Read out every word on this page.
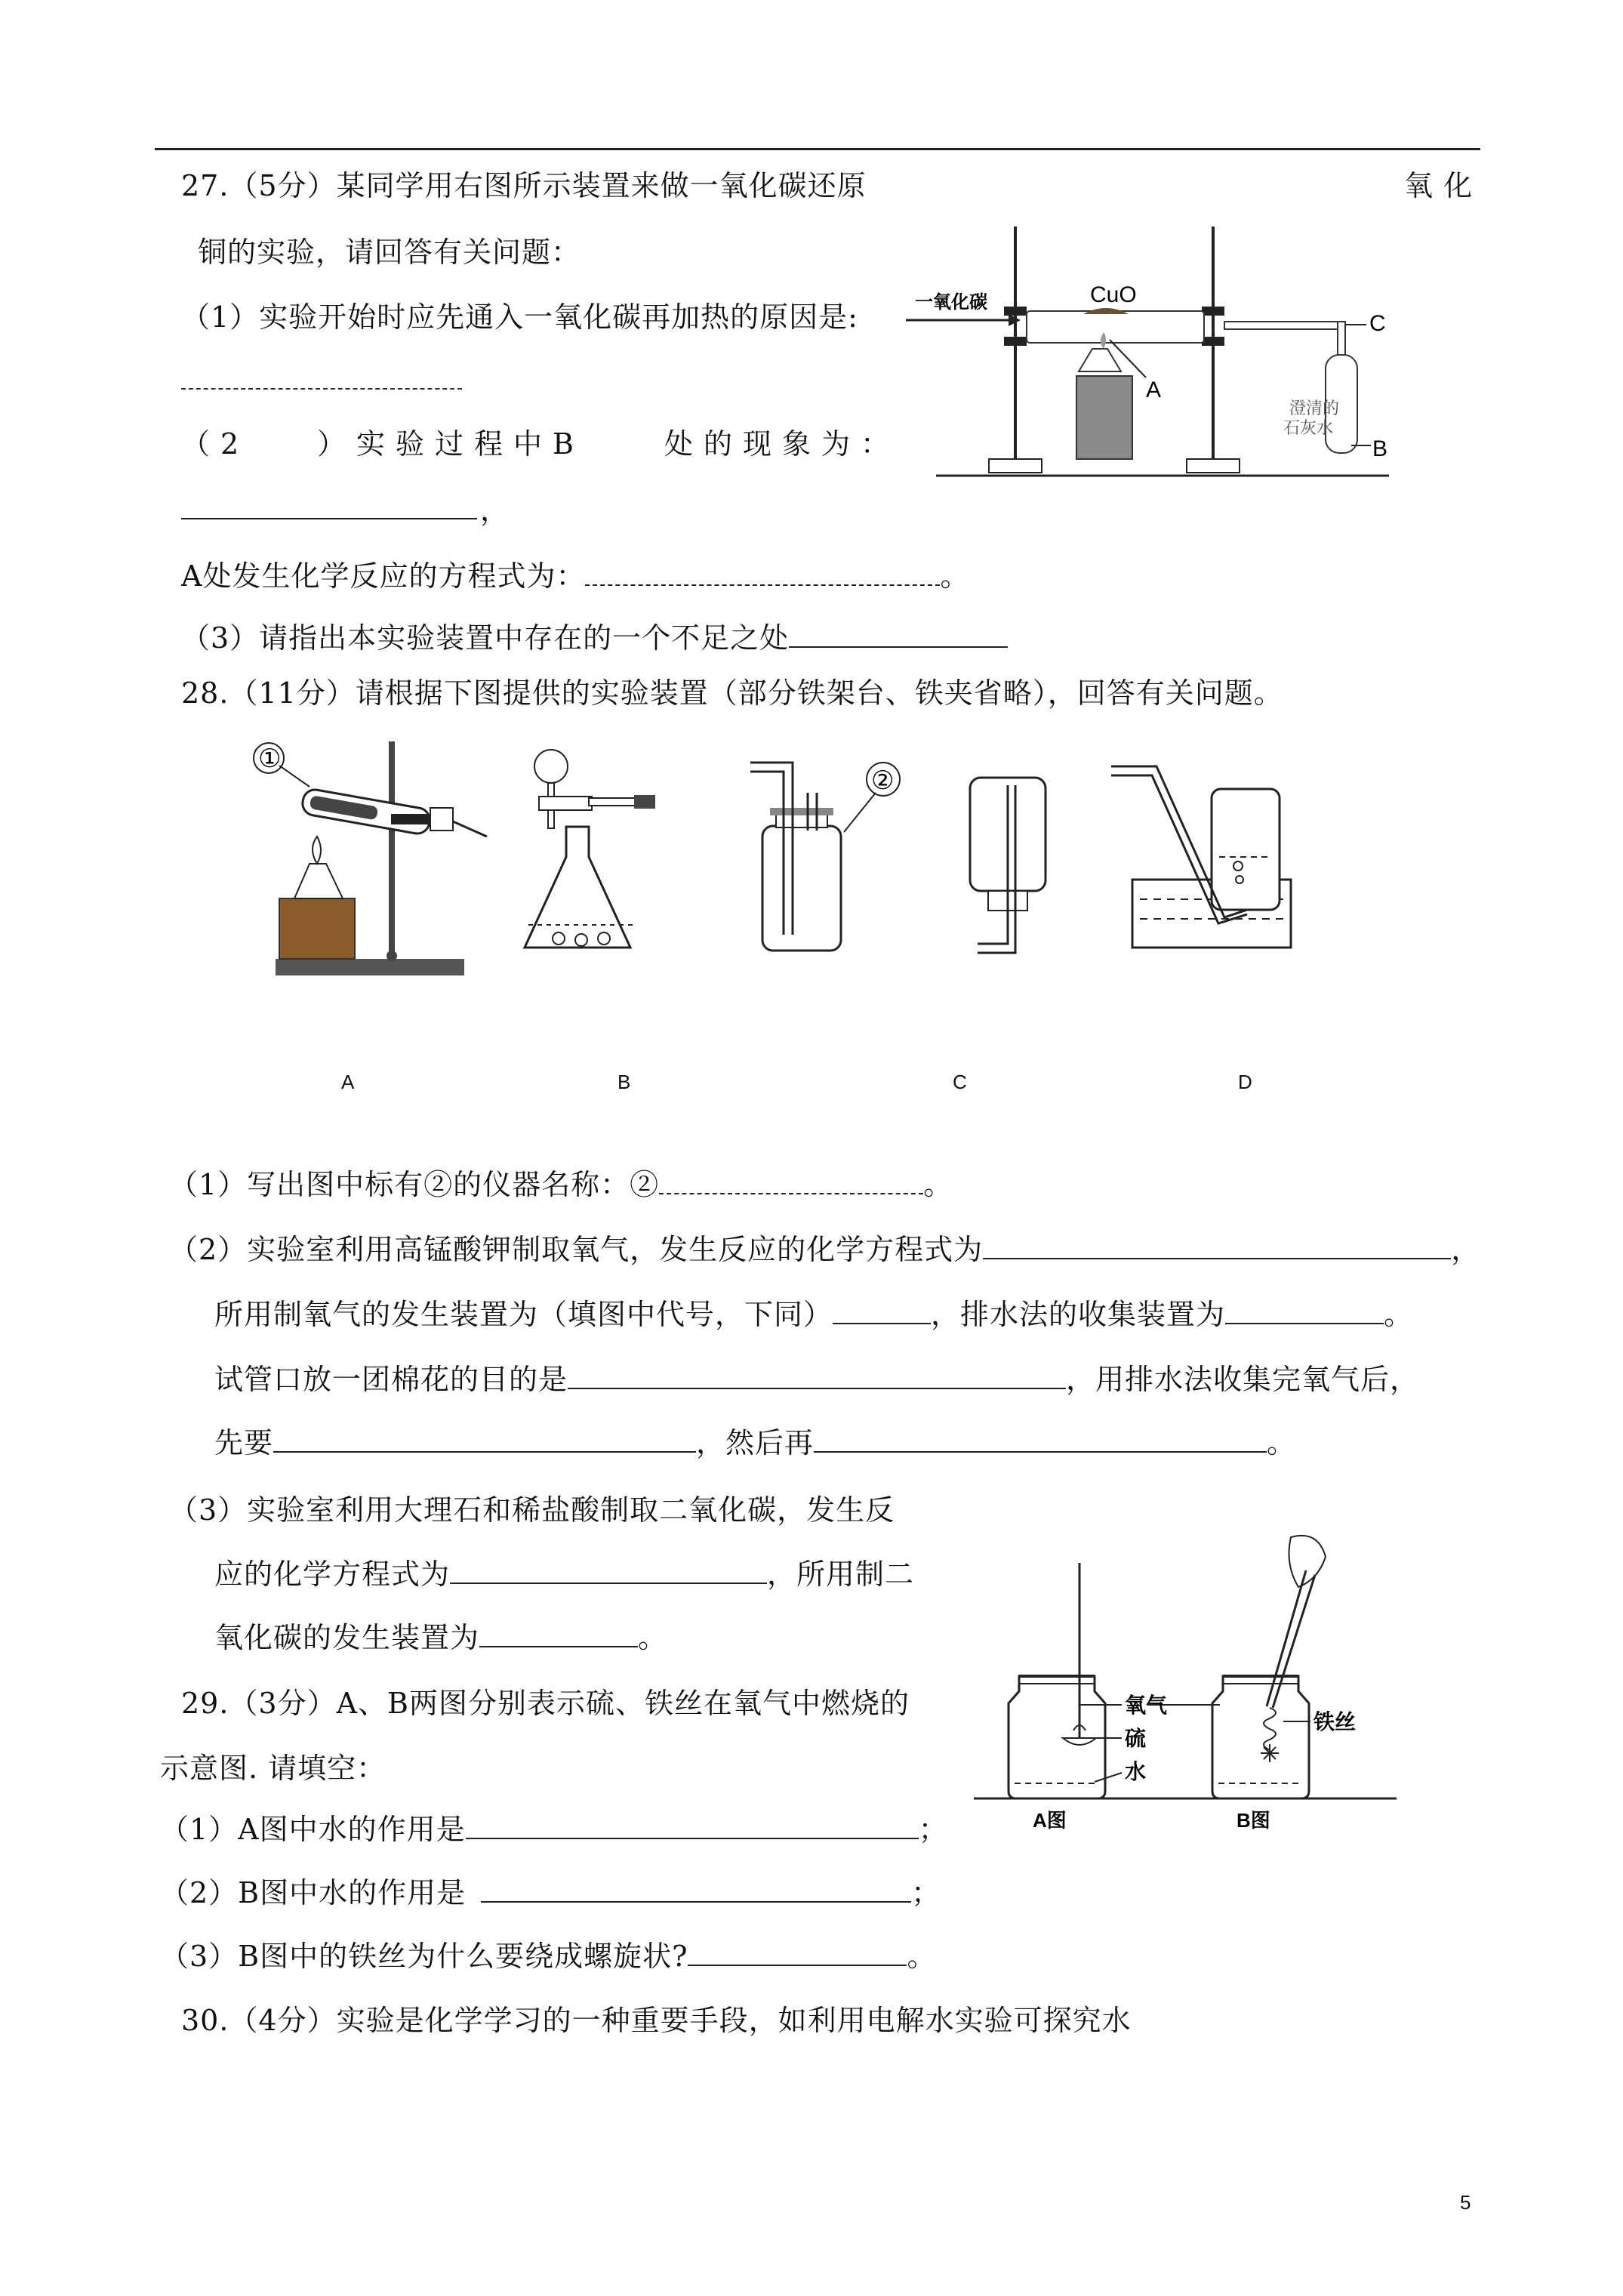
27.（5分）某同学用右图所示装置来做一氧化碳还原	氧 化
铜的实验，请回答有关问题：
（1）实验开始时应先通入一氧化碳再加热的原因是:
（2 ）实验过程中B	处的现象为：
，
A处发生化学反应的方程式为：	。
（3）请指出本实验装置中存在的一个不足之处
一氧化碳	CuO
A
C
B
澄清的
石灰水
28.（11分）请根据下图提供的实验装置（部分铁架台、铁夹省略），回答有关问题。
①
②
A	B	C	D
（1）写出图中标有②的仪器名称：②	。
（2）实验室利用高锰酸钾制取氧气，发生反应的化学方程式为	，
所用制氧气的发生装置为（填图中代号，下同）	，排水法的收集装置为	。
试管口放一团棉花的目的是	，用排水法收集完氧气后，
先要	，然后再	。
（3）实验室利用大理石和稀盐酸制取二氧化碳，发生反
应的化学方程式为	，所用制二
氧化碳的发生装置为	。
29.（3分）A、B两图分别表示硫、铁丝在氧气中燃烧的
示意图. 请填空：
（1）A图中水的作用是	；
（2）B图中水的作用是	；
（3）B图中的铁丝为什么要绕成螺旋状?	。
氧气
硫
水
铁丝
A图	B图
30.（4分）实验是化学学习的一种重要手段，如利用电解水实验可探究水
5
